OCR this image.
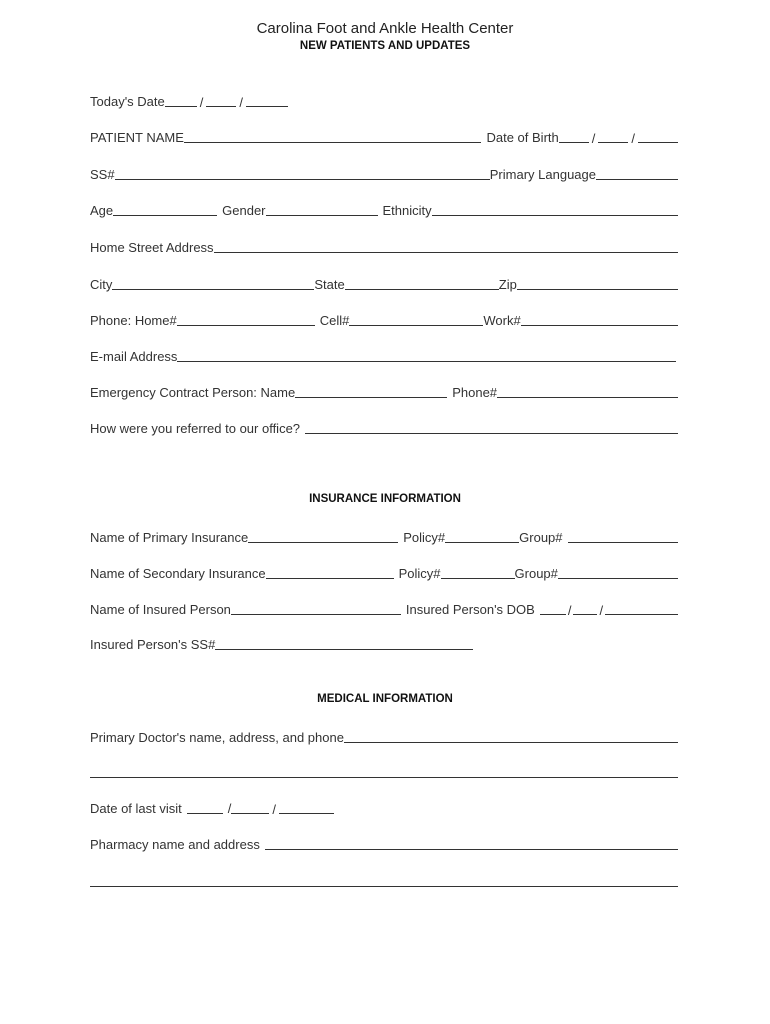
Carolina Foot and Ankle Health Center
NEW PATIENTS AND UPDATES
Today's Date	/	/
PATIENT NAME	Date of Birth	/	/
SS#	Primary Language
Age	Gender	Ethnicity
Home Street Address
City	State	Zip
Phone: Home#	Cell#	Work#
E-mail Address
Emergency Contract Person: Name	Phone#
How were you referred to our office?
INSURANCE INFORMATION
Name of Primary Insurance	Policy#	Group#
Name of Secondary Insurance	Policy#	Group#
Name of Insured Person	Insured Person's DOB	/ /
Insured Person's SS#
MEDICAL INFORMATION
Primary Doctor's name, address, and phone
Date of last visit	/	/
Pharmacy name and address
